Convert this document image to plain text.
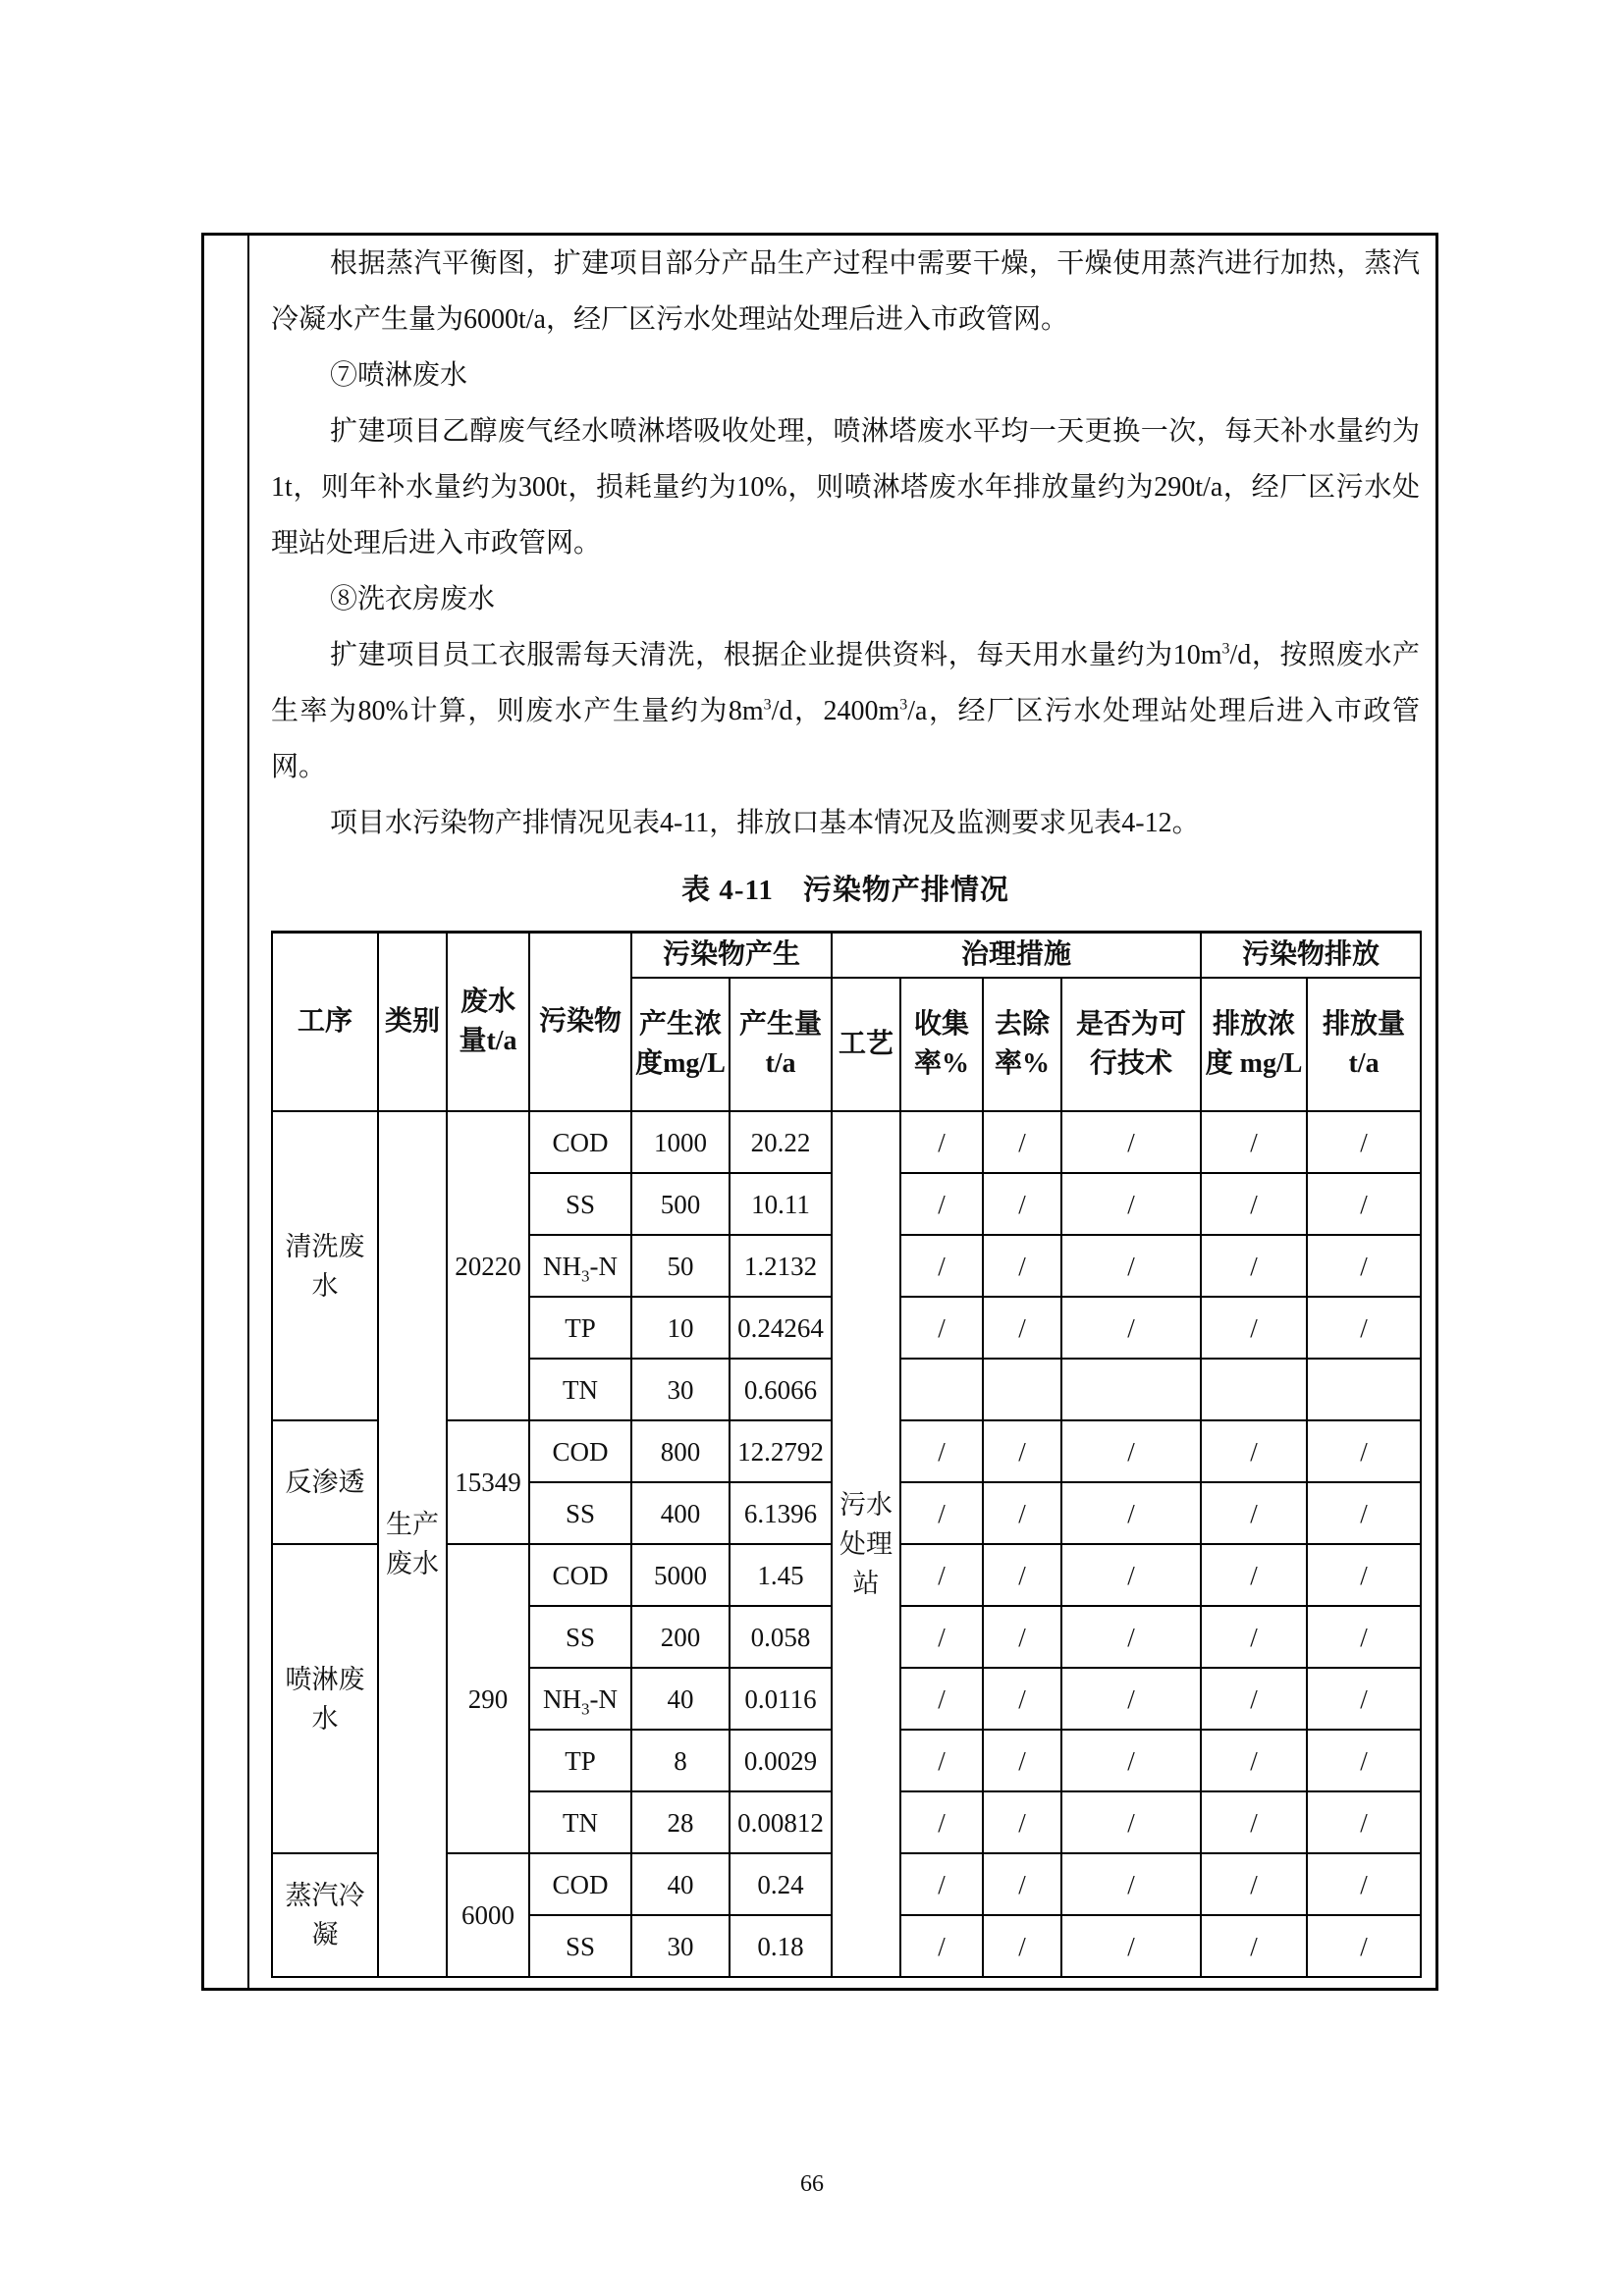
根据蒸汽平衡图，扩建项目部分产品生产过程中需要干燥，干燥使用蒸汽进行加热，蒸汽冷凝水产生量为6000t/a，经厂区污水处理站处理后进入市政管网。

⑦喷淋废水

扩建项目乙醇废气经水喷淋塔吸收处理，喷淋塔废水平均一天更换一次，每天补水量约为1t，则年补水量约为300t，损耗量约为10%，则喷淋塔废水年排放量约为290t/a，经厂区污水处理站处理后进入市政管网。

⑧洗衣房废水

扩建项目员工衣服需每天清洗，根据企业提供资料，每天用水量约为$10m^3/d$，按照废水产生率为80%计算，则废水产生量约为$8m^3/d$，$2400m^3/a$，经厂区污水处理站处理后进入市政管网。

项目水污染物产排情况见表4-11，排放口基本情况及监测要求见表4-12。

表 4-11　污染物产排情况
工序	类别	废水量t/a	污染物	污染物产生		治理措施				污染物排放	
				产生浓度mg/L	产生量t/a	工艺	收集率%	去除率%	是否为可行技术	排放浓度 mg/L	排放量t/a
清洗废水	生产废水	20220	COD	1000	20.22	污水处理站	/	/	/	/	/
			SS	500	10.11		/	/	/	/	/
			$NH_3-N$	50	1.2132		/	/	/	/	/
			TP	10	0.24264		/	/	/	/	/
			TN	30	0.6066						
反渗透		15349	COD	800	12.2792		/	/	/	/	/
			SS	400	6.1396		/	/	/	/	/
喷淋废水		290	COD	5000	1.45		/	/	/	/	/
			SS	200	0.058		/	/	/	/	/
			$NH_3-N$	40	0.0116		/	/	/	/	/
			TP	8	0.0029		/	/	/	/	/
			TN	28	0.00812		/	/	/	/	/
蒸汽冷凝		6000	COD	40	0.24		/	/	/	/	/
			SS	30	0.18		/	/	/	/	/
66
